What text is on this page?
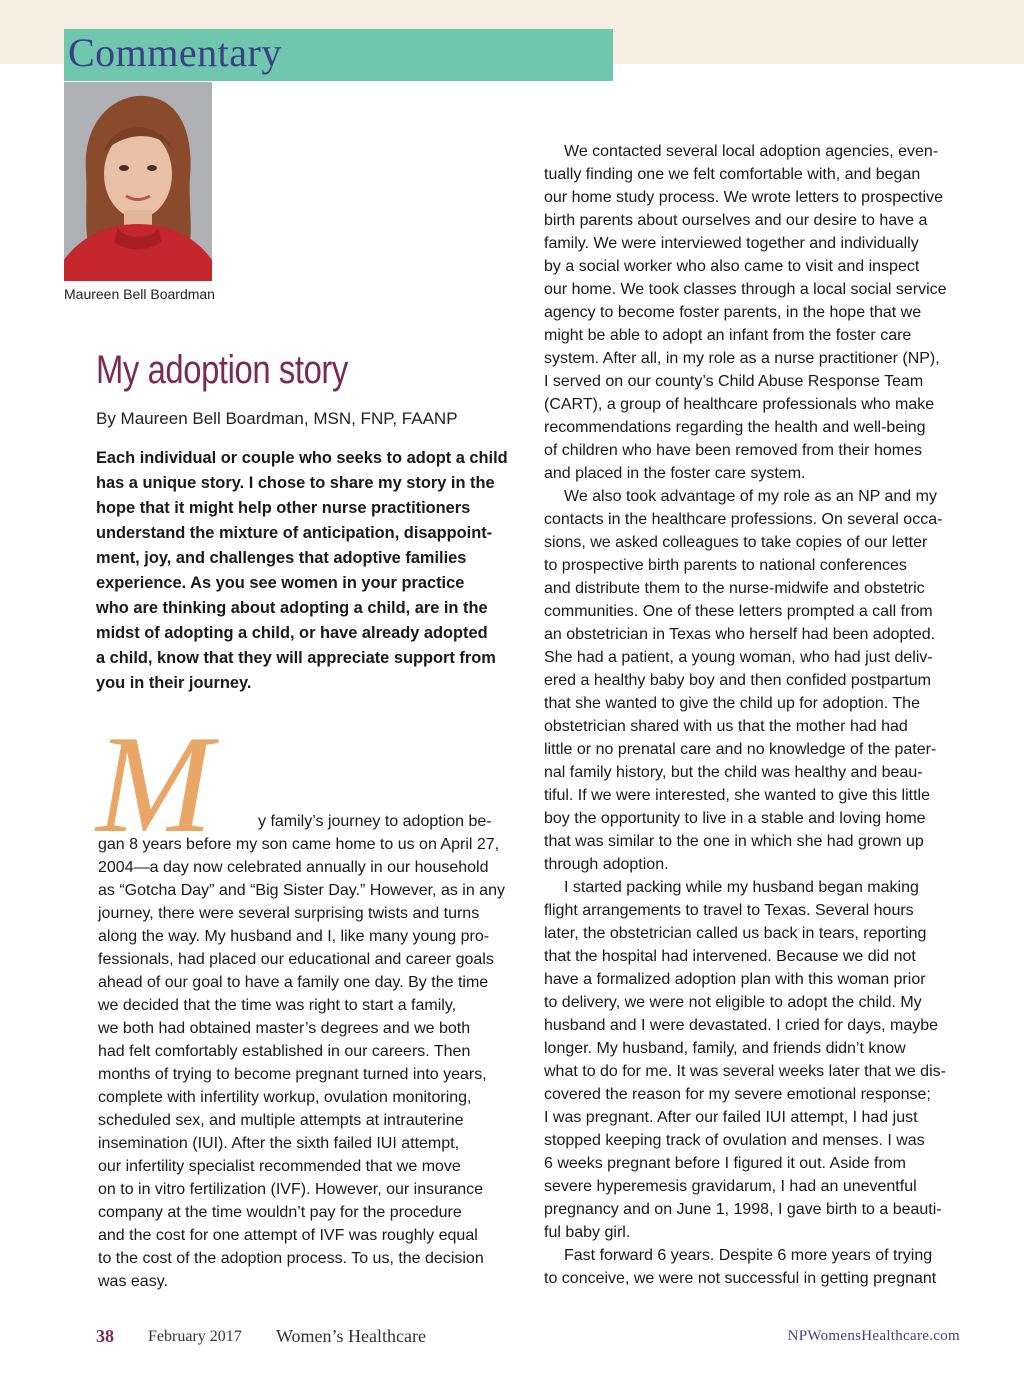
Commentary
Maureen Bell Boardman
My adoption story
By Maureen Bell Boardman, MSN, FNP, FAANP

Each individual or couple who seeks to adopt a child

has a unique story. I chose to share my story in the

hope that it might help other nurse practitioners

understand the mixture of anticipation, disappoint-

ment, joy, and challenges that adoptive families

experience. As you see women in your practice

who are thinking about adopting a child, are in the

midst of adopting a child, or have already adopted

a child, know that they will appreciate support from

you in their journey.

M	y family’s journey to adoption be-

gan 8 years before my son came home to us on April 27,

2004—a day now celebrated annually in our household

as “Gotcha Day” and “Big Sister Day.” However, as in any

journey, there were several surprising twists and turns

along the way. My husband and I, like many young pro-

fessionals, had placed our educational and career goals

ahead of our goal to have a family one day. By the time

we decided that the time was right to start a family,

we both had obtained master’s degrees and we both

had felt comfortably established in our careers. Then

months of trying to become pregnant turned into years,

complete with infertility workup, ovulation monitoring,

scheduled sex, and multiple attempts at intrauterine

insemination (IUI). After the sixth failed IUI attempt,

our infertility specialist recommended that we move

on to in vitro fertilization (IVF). However, our insurance

company at the time wouldn’t pay for the procedure

and the cost for one attempt of IVF was roughly equal

to the cost of the adoption process. To us, the decision

was easy.

We contacted several local adoption agencies, even-

tually finding one we felt comfortable with, and began

our home study process. We wrote letters to prospective

birth parents about ourselves and our desire to have a

family. We were interviewed together and individually

by a social worker who also came to visit and inspect

our home. We took classes through a local social service

agency to become foster parents, in the hope that we

might be able to adopt an infant from the foster care

system. After all, in my role as a nurse practitioner (NP),

I served on our county’s Child Abuse Response Team

(CART), a group of healthcare professionals who make

recommendations regarding the health and well-being

of children who have been removed from their homes

and placed in the foster care system.

We also took advantage of my role as an NP and my

contacts in the healthcare professions. On several occa-

sions, we asked colleagues to take copies of our letter

to prospective birth parents to national conferences

and distribute them to the nurse-midwife and obstetric

communities. One of these letters prompted a call from

an obstetrician in Texas who herself had been adopted.

She had a patient, a young woman, who had just deliv-

ered a healthy baby boy and then confided postpartum

that she wanted to give the child up for adoption. The

obstetrician shared with us that the mother had had

little or no prenatal care and no knowledge of the pater-

nal family history, but the child was healthy and beau-

tiful. If we were interested, she wanted to give this little

boy the opportunity to live in a stable and loving home

that was similar to the one in which she had grown up

through adoption.

I started packing while my husband began making

flight arrangements to travel to Texas. Several hours

later, the obstetrician called us back in tears, reporting

that the hospital had intervened. Because we did not

have a formalized adoption plan with this woman prior

to delivery, we were not eligible to adopt the child. My

husband and I were devastated. I cried for days, maybe

longer. My husband, family, and friends didn’t know

what to do for me. It was several weeks later that we dis-

covered the reason for my severe emotional response;

I was pregnant. After our failed IUI attempt, I had just

stopped keeping track of ovulation and menses. I was

6 weeks pregnant before I figured it out. Aside from

severe hyperemesis gravidarum, I had an uneventful

pregnancy and on June 1, 1998, I gave birth to a beauti-

ful baby girl.

Fast forward 6 years. Despite 6 more years of trying

to conceive, we were not successful in getting pregnant

38 February 2017 Women’s Healthcare	NPWomensHealthcare.com
